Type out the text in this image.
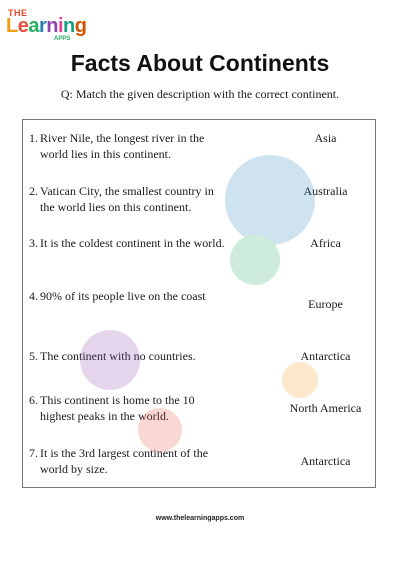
THE
Learning
APPS
Facts About Continents
Q: Match the given description with the correct continent.
1. River Nile, the longest river in the world lies in this continent.
Asia
2. Vatican City, the smallest country in the world lies on this continent.
Australia
3. It is the coldest continent in the world.	Africa
4. 90% of its people live on the coast
Europe
5. The continent with no countries.	Antarctica
6. This continent is home to the 10 highest peaks in the world.
North America
7. It is the 3rd largest continent of the world by size.
Antarctica
www.thelearningapps.com
